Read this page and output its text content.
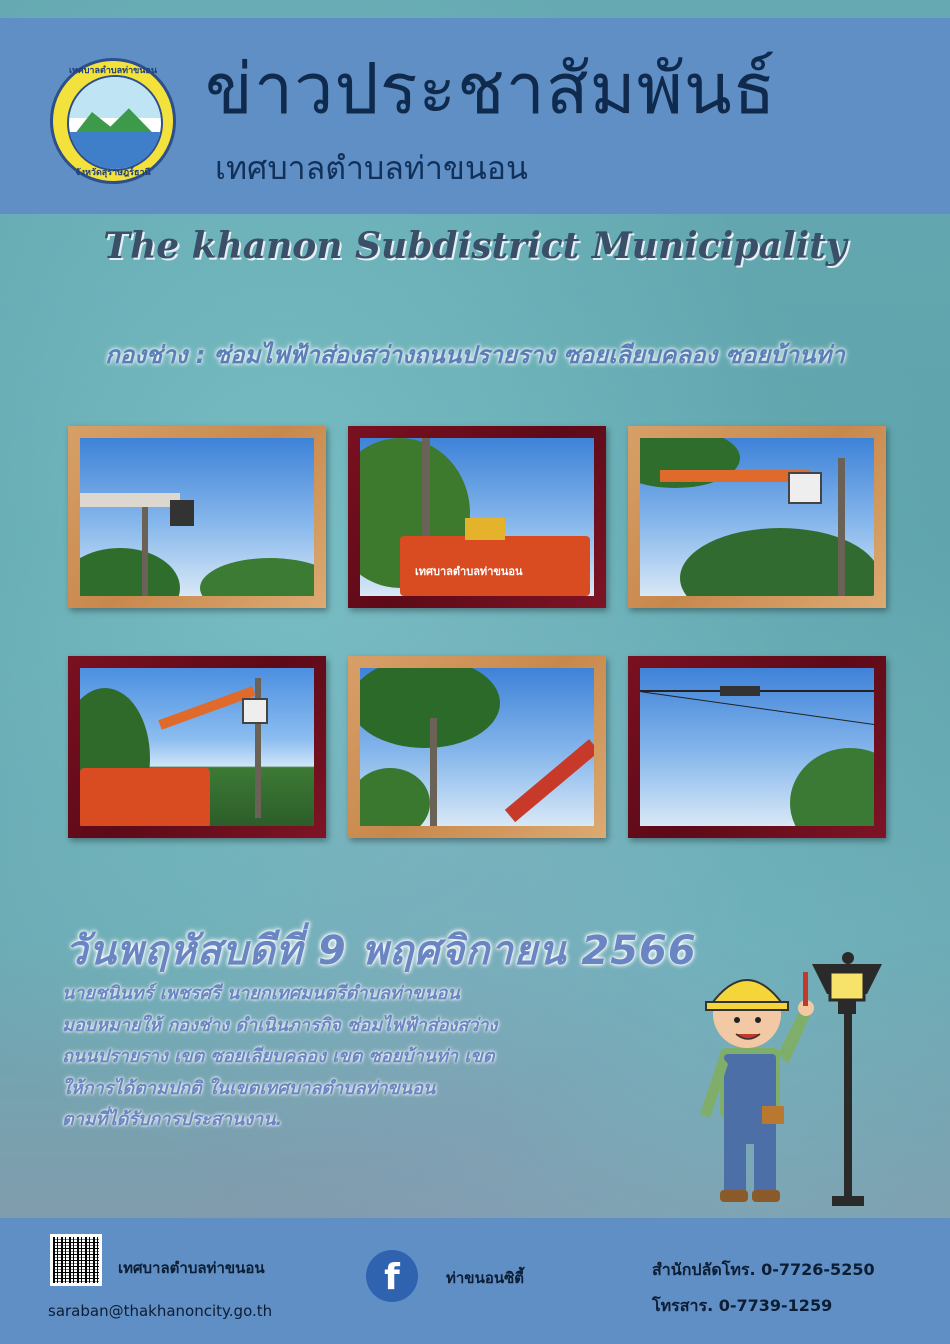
เทศบาลตำบลท่าขนอน
จังหวัดสุราษฎร์ธานี
ข่าวประชาสัมพันธ์
เทศบาลตำบลท่าขนอน
The khanon Subdistrict Municipality
กองช่าง : ซ่อมไฟฟ้าส่องสว่างถนนปรายราง ซอยเลียบคลอง ซอยบ้านท่า
เทศบาลตำบลท่าขนอน
วันพฤหัสบดีที่ 9 พฤศจิกายน 2566
นายชนินทร์ เพชรศรี นายกเทศมนตรีตำบลท่าขนอน
มอบหมายให้ กองช่าง ดำเนินภารกิจ ซ่อมไฟฟ้าส่องสว่าง
ถนนปรายราง เขต ซอยเลียบคลอง เขต ซอยบ้านท่า เขต
ให้การได้ตามปกติ ในเขตเทศบาลตำบลท่าขนอน
ตามที่ได้รับการประสานงาน.
เทศบาลตำบลท่าขนอน
saraban@thakhanoncity.go.th
f	ท่าขนอนซิตี้	สำนักปลัดโทร. 0-7726-5250
โทรสาร. 0-7739-1259
